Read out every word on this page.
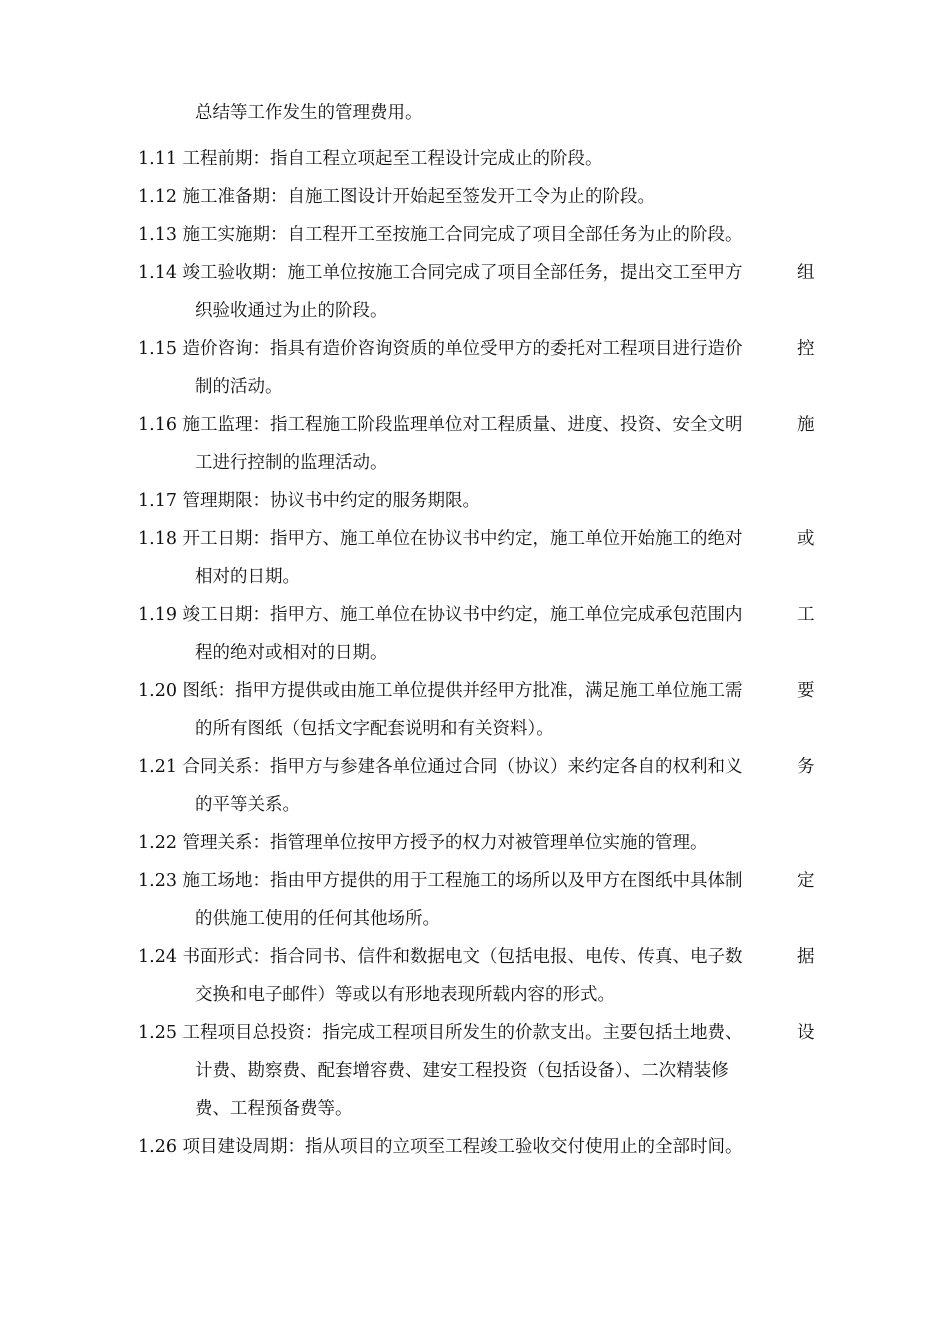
总结等工作发生的管理费用。
1.11 工程前期：指自工程立项起至工程设计完成止的阶段。
1.12 施工准备期：自施工图设计开始起至签发开工令为止的阶段。
1.13 施工实施期：自工程开工至按施工合同完成了项目全部任务为止的阶段。
1.14 竣工验收期：施工单位按施工合同完成了项目全部任务，提出交工至甲方	组
织验收通过为止的阶段。
1.15 造价咨询：指具有造价咨询资质的单位受甲方的委托对工程项目进行造价	控
制的活动。
1.16 施工监理：指工程施工阶段监理单位对工程质量、进度、投资、安全文明	施
工进行控制的监理活动。
1.17 管理期限：协议书中约定的服务期限。
1.18 开工日期：指甲方、施工单位在协议书中约定，施工单位开始施工的绝对	或
相对的日期。
1.19 竣工日期：指甲方、施工单位在协议书中约定，施工单位完成承包范围内	工
程的绝对或相对的日期。
1.20 图纸：指甲方提供或由施工单位提供并经甲方批准，满足施工单位施工需	要
的所有图纸（包括文字配套说明和有关资料）。
1.21 合同关系：指甲方与参建各单位通过合同（协议）来约定各自的权利和义	务
的平等关系。
1.22 管理关系：指管理单位按甲方授予的权力对被管理单位实施的管理。
1.23 施工场地：指由甲方提供的用于工程施工的场所以及甲方在图纸中具体制	定
的供施工使用的任何其他场所。
1.24 书面形式：指合同书、信件和数据电文（包括电报、电传、传真、电子数	据
交换和电子邮件）等或以有形地表现所载内容的形式。
1.25 工程项目总投资：指完成工程项目所发生的价款支出。主要包括土地费、	设
计费、勘察费、配套增容费、建安工程投资（包括设备）、二次精装修
费、工程预备费等。
1.26 项目建设周期：指从项目的立项至工程竣工验收交付使用止的全部时间。
